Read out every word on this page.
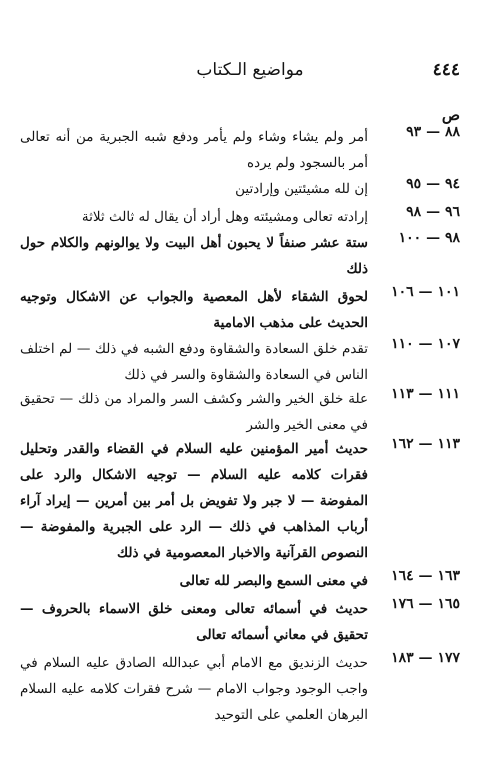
٤٤٤
مواضيع الـكتاب
ص
٨٨ — ٩٣
أمر ولم يشاء وشاء ولم يأمر ودفع شبه الجبرية من أنه تعالى أمر بالسجود ولم يرده
٩٤ — ٩٥
إن لله مشيئتين وإرادتين
٩٦ — ٩٨
إرادته تعالى ومشيئته وهل أراد أن يقال له ثالث ثلاثة
٩٨ — ١٠٠
ستة عشر صنفاً لا يحبون أهل البيت ولا يوالونهم والكلام حول ذلك
١٠١ — ١٠٦
لحوق الشقاء لأهل المعصية والجواب عن الاشكال وتوجيه الحديث على مذهب الامامية
١٠٧ — ١١٠
تقدم خلق السعادة والشقاوة ودفع الشبه في ذلك — لم اختلف الناس في السعادة والشقاوة والسر في ذلك
١١١ — ١١٣
علة خلق الخير والشر وكشف السر والمراد من ذلك — تحقيق في معنى الخير والشر
١١٣ — ١٦٢
حديث أمير المؤمنين عليه السلام في القضاء والقدر وتحليل فقرات كلامه عليه السلام — توجيه الاشكال والرد على المفوضة — لا جبر ولا تفويض بل أمر بين أمرين — إيراد آراء أرباب المذاهب في ذلك — الرد على الجبرية والمفوضة — النصوص القرآنية والاخبار المعصومية في ذلك
١٦٣ — ١٦٤
في معنى السمع والبصر لله تعالى
١٦٥ — ١٧٦
حديث في أسمائه تعالى ومعنى خلق الاسماء بالحروف — تحقيق في معاني أسمائه تعالى
١٧٧ — ١٨٣
حديث الزنديق مع الامام أبي عبدالله الصادق عليه السلام في واجب الوجود وجواب الامام — شرح فقرات كلامه عليه السلام البرهان العلمي على التوحيد
